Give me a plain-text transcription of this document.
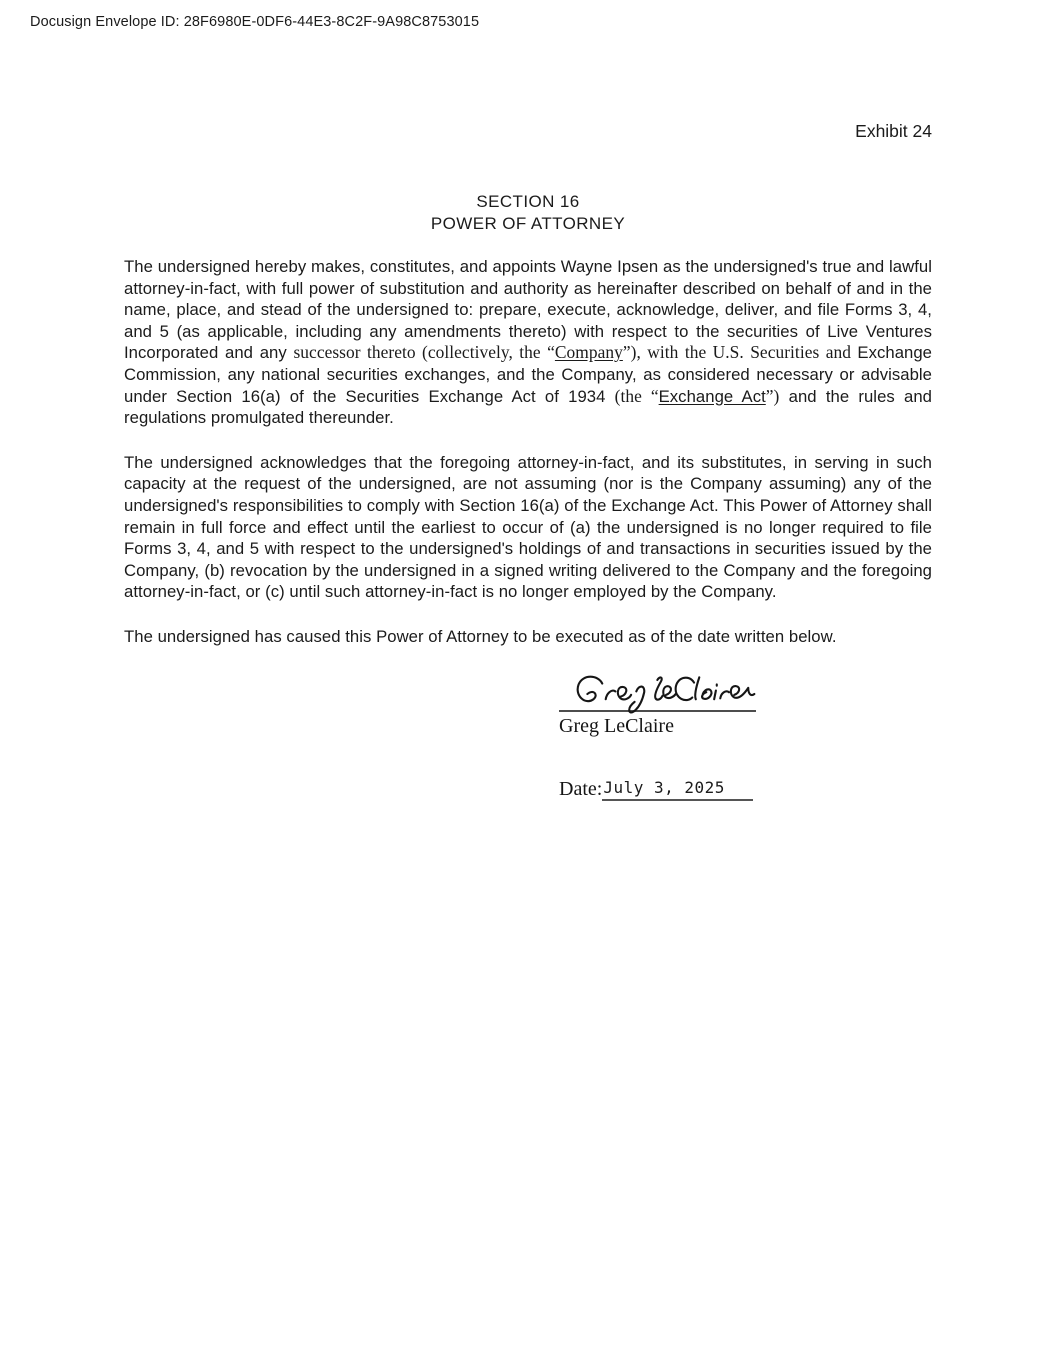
Docusign Envelope ID: 28F6980E-0DF6-44E3-8C2F-9A98C8753015
Exhibit 24
SECTION 16
POWER OF ATTORNEY

The undersigned hereby makes, constitutes, and appoints Wayne Ipsen as the undersigned's true and lawful attorney-in-fact, with full power of substitution and authority as hereinafter described on behalf of and in the name, place, and stead of the undersigned to: prepare, execute, acknowledge, deliver, and file Forms 3, 4, and 5 (as applicable, including any amendments thereto) with respect to the securities of Live Ventures Incorporated and any successor thereto (collectively, the “Company”), with the U.S. Securities and Exchange Commission, any national securities exchanges, and the Company, as considered necessary or advisable under Section 16(a) of the Securities Exchange Act of 1934 (the “Exchange Act”) and the rules and regulations promulgated thereunder.

The undersigned acknowledges that the foregoing attorney-in-fact, and its substitutes, in serving in such capacity at the request of the undersigned, are not assuming (nor is the Company assuming) any of the undersigned's responsibilities to comply with Section 16(a) of the Exchange Act. This Power of Attorney shall remain in full force and effect until the earliest to occur of (a) the undersigned is no longer required to file Forms 3, 4, and 5 with respect to the undersigned's holdings of and transactions in securities issued by the Company, (b) revocation by the undersigned in a signed writing delivered to the Company and the foregoing attorney-in-fact, or (c) until such attorney-in-fact is no longer employed by the Company.

The undersigned has caused this Power of Attorney to be executed as of the date written below.

Greg LeClaire
Date: July 3, 2025
